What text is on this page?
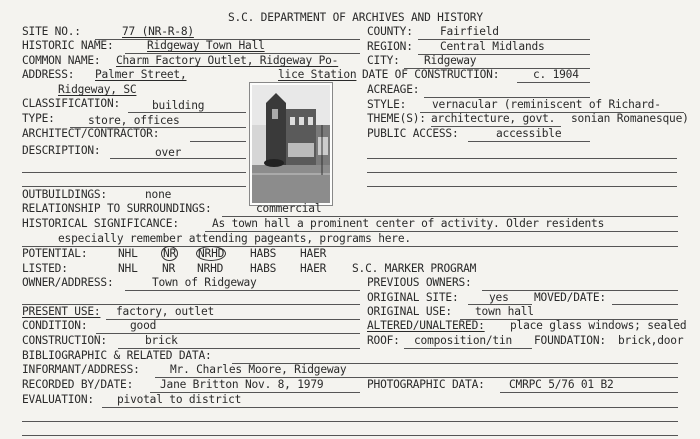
S.C. DEPARTMENT OF ARCHIVES AND HISTORY
SITE NO.:	77 (NR-R-8)
HISTORIC NAME:	Ridgeway Town Hall
COMMON NAME: Charm Factory Outlet, Ridgeway Po-
ADDRESS: Palmer Street,	lice Station
Ridgeway, SC
CLASSIFICATION:	building
TYPE:	store, offices
ARCHITECT/CONTRACTOR:
DESCRIPTION:	over
COUNTY: Fairfield
REGION: Central Midlands
CITY: Ridgeway
DATE OF CONSTRUCTION:	c. 1904
ACREAGE:
STYLE: vernacular (reminiscent of Richard-
THEME(S): architecture, govt. sonian Romanesque)
PUBLIC ACCESS:	accessible
OUTBUILDINGS:	none
RELATIONSHIP TO SURROUNDINGS:	commercial
HISTORICAL SIGNIFICANCE:	As town hall a prominent center of activity. Older residents
especially remember attending pageants, programs here.
POTENTIAL:	NHL NR NRHD HABS HAER
LISTED:	NHL NR NRHD HABS HAER S.C. MARKER PROGRAM
OWNER/ADDRESS:	Town of Ridgeway	PREVIOUS OWNERS:
ORIGINAL SITE:	yes MOVED/DATE:
PRESENT USE: factory, outlet	ORIGINAL USE: town hall
CONDITION:	good	ALTERED/UNALTERED: place glass windows; sealed
CONSTRUCTION:	brick	ROOF: composition/tin FOUNDATION: brick,door
BIBLIOGRAPHIC & RELATED DATA:
INFORMANT/ADDRESS:	Mr. Charles Moore, Ridgeway
RECORDED BY/DATE: Jane Britton Nov. 8, 1979	PHOTOGRAPHIC DATA: CMRPC 5/76 01 B2
EVALUATION: pivotal to district
